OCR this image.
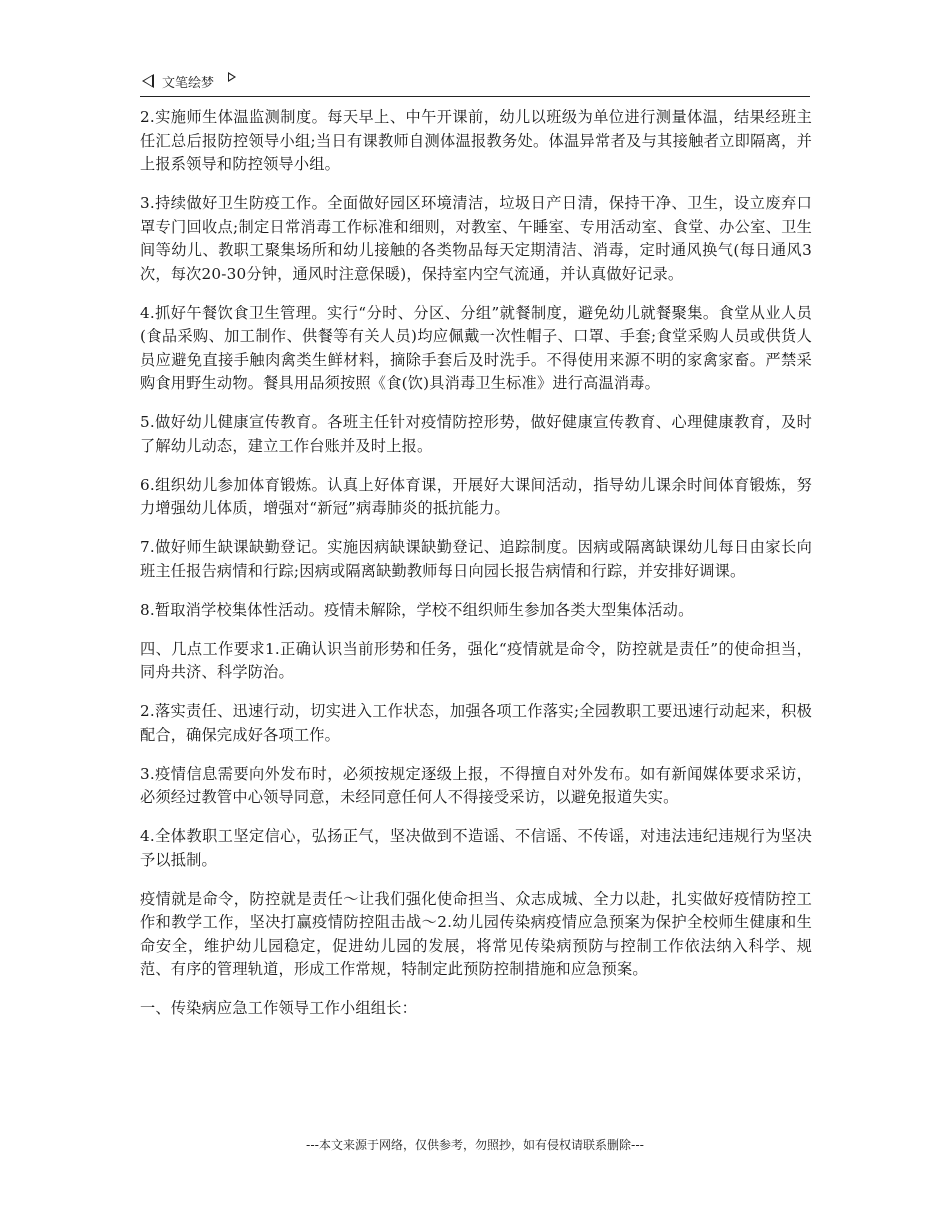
文笔绘梦

2.实施师生体温监测制度。每天早上、中午开课前，幼儿以班级为单位进行测量体温，结果经班主任汇总后报防控领导小组;当日有课教师自测体温报教务处。体温异常者及与其接触者立即隔离，并上报系领导和防控领导小组。

3.持续做好卫生防疫工作。全面做好园区环境清洁，垃圾日产日清，保持干净、卫生，设立废弃口罩专门回收点;制定日常消毒工作标准和细则，对教室、午睡室、专用活动室、食堂、办公室、卫生间等幼儿、教职工聚集场所和幼儿接触的各类物品每天定期清洁、消毒，定时通风换气(每日通风3次，每次20-30分钟，通风时注意保暖)，保持室内空气流通，并认真做好记录。

4.抓好午餐饮食卫生管理。实行“分时、分区、分组”就餐制度，避免幼儿就餐聚集。食堂从业人员(食品采购、加工制作、供餐等有关人员)均应佩戴一次性帽子、口罩、手套;食堂采购人员或供货人员应避免直接手触肉禽类生鲜材料，摘除手套后及时洗手。不得使用来源不明的家禽家畜。严禁采购食用野生动物。餐具用品须按照《食(饮)具消毒卫生标准》进行高温消毒。

5.做好幼儿健康宣传教育。各班主任针对疫情防控形势，做好健康宣传教育、心理健康教育，及时了解幼儿动态，建立工作台账并及时上报。

6.组织幼儿参加体育锻炼。认真上好体育课，开展好大课间活动，指导幼儿课余时间体育锻炼，努力增强幼儿体质，增强对“新冠”病毒肺炎的抵抗能力。

7.做好师生缺课缺勤登记。实施因病缺课缺勤登记、追踪制度。因病或隔离缺课幼儿每日由家长向班主任报告病情和行踪;因病或隔离缺勤教师每日向园长报告病情和行踪，并安排好调课。

8.暂取消学校集体性活动。疫情未解除，学校不组织师生参加各类大型集体活动。

四、几点工作要求1.正确认识当前形势和任务，强化“疫情就是命令，防控就是责任”的使命担当，同舟共济、科学防治。

2.落实责任、迅速行动，切实进入工作状态，加强各项工作落实;全园教职工要迅速行动起来，积极配合，确保完成好各项工作。

3.疫情信息需要向外发布时，必须按规定逐级上报，不得擅自对外发布。如有新闻媒体要求采访，必须经过教管中心领导同意，未经同意任何人不得接受采访，以避免报道失实。

4.全体教职工坚定信心，弘扬正气，坚决做到不造谣、不信谣、不传谣，对违法违纪违规行为坚决予以抵制。

疫情就是命令，防控就是责任～让我们强化使命担当、众志成城、全力以赴，扎实做好疫情防控工作和教学工作，坚决打赢疫情防控阻击战～2.幼儿园传染病疫情应急预案为保护全校师生健康和生命安全，维护幼儿园稳定，促进幼儿园的发展，将常见传染病预防与控制工作依法纳入科学、规范、有序的管理轨道，形成工作常规，特制定此预防控制措施和应急预案。

一、传染病应急工作领导工作小组组长：

---本文来源于网络，仅供参考，勿照抄，如有侵权请联系删除---
